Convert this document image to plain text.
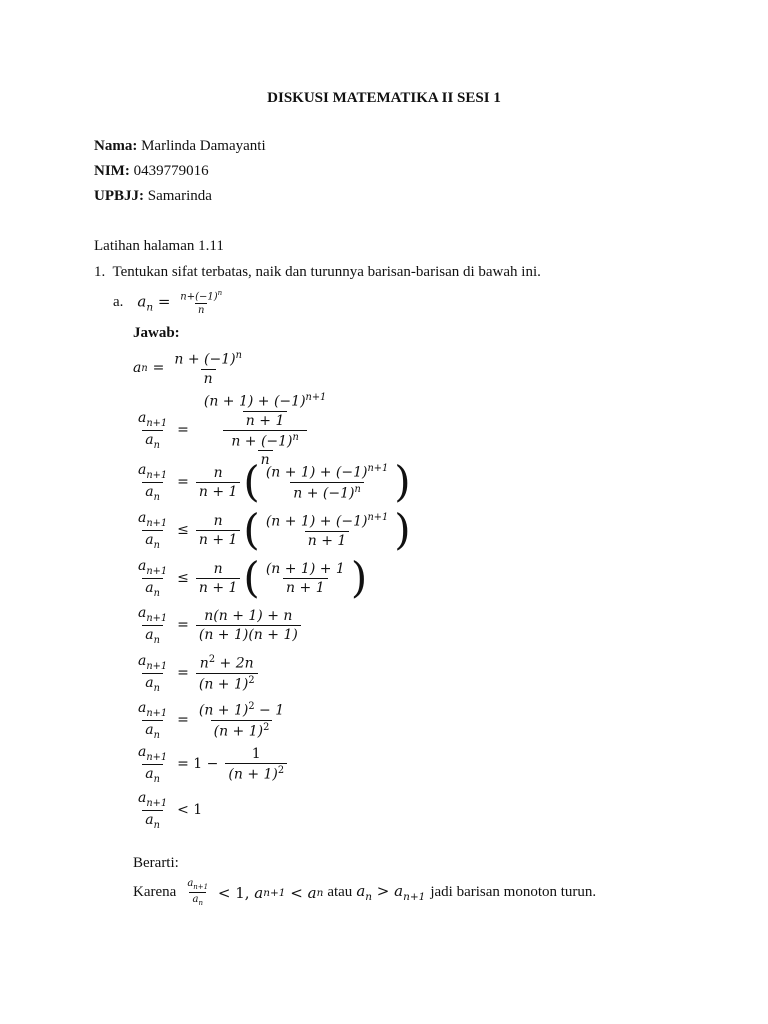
DISKUSI MATEMATIKA II SESI 1
Nama: Marlinda Damayanti
NIM: 0439779016
UPBJJ: Samarinda
Latihan halaman 1.11
1. Tentukan sifat terbatas, naik dan turunnya barisan-barisan di bawah ini.
a. $a_n = \frac{n+(-1)^n}{n}$
Jawab:
a $n = \frac{n + (-1)^n}{n}$
$\frac{a_{n+1}}{a_n} = \frac{\frac{(n + 1) + (-1)^{n+1}}{n + 1}}{\frac{n + (-1)^n}{n}}$
$\frac{a_{n+1}}{a_n} = \frac{n}{n + 1}$ ( $\frac{(n + 1) + (-1)^{n+1}}{n + (-1)^n}$ )
$\frac{a_{n+1}}{a_n} \le \frac{n}{n + 1}$ ( $\frac{(n + 1) + (-1)^{n+1}}{n + 1}$ )
$\frac{a_{n+1}}{a_n} \le \frac{n}{n + 1}$ ( $\frac{(n + 1) + 1}{n + 1}$ )
$\frac{a_{n+1}}{a_n} = \frac{n(n + 1) + n}{(n + 1)(n + 1)}$
$\frac{a_{n+1}}{a_n} = \frac{n^2 + 2n}{(n + 1)^2}$
$\frac{a_{n+1}}{a_n} = \frac{(n + 1)^2 - 1}{(n + 1)^2}$
$\frac{a_{n+1}}{a_n} = 1 - \frac{1}{(n + 1)^2}$
$\frac{a_{n+1}}{a_n} < 1$
Berarti:
Karena $\frac{a_{n+1}}{a_n} < 1$, a n+1 < a n atau $a_n > a_{n+1}$ jadi barisan monoton turun.
